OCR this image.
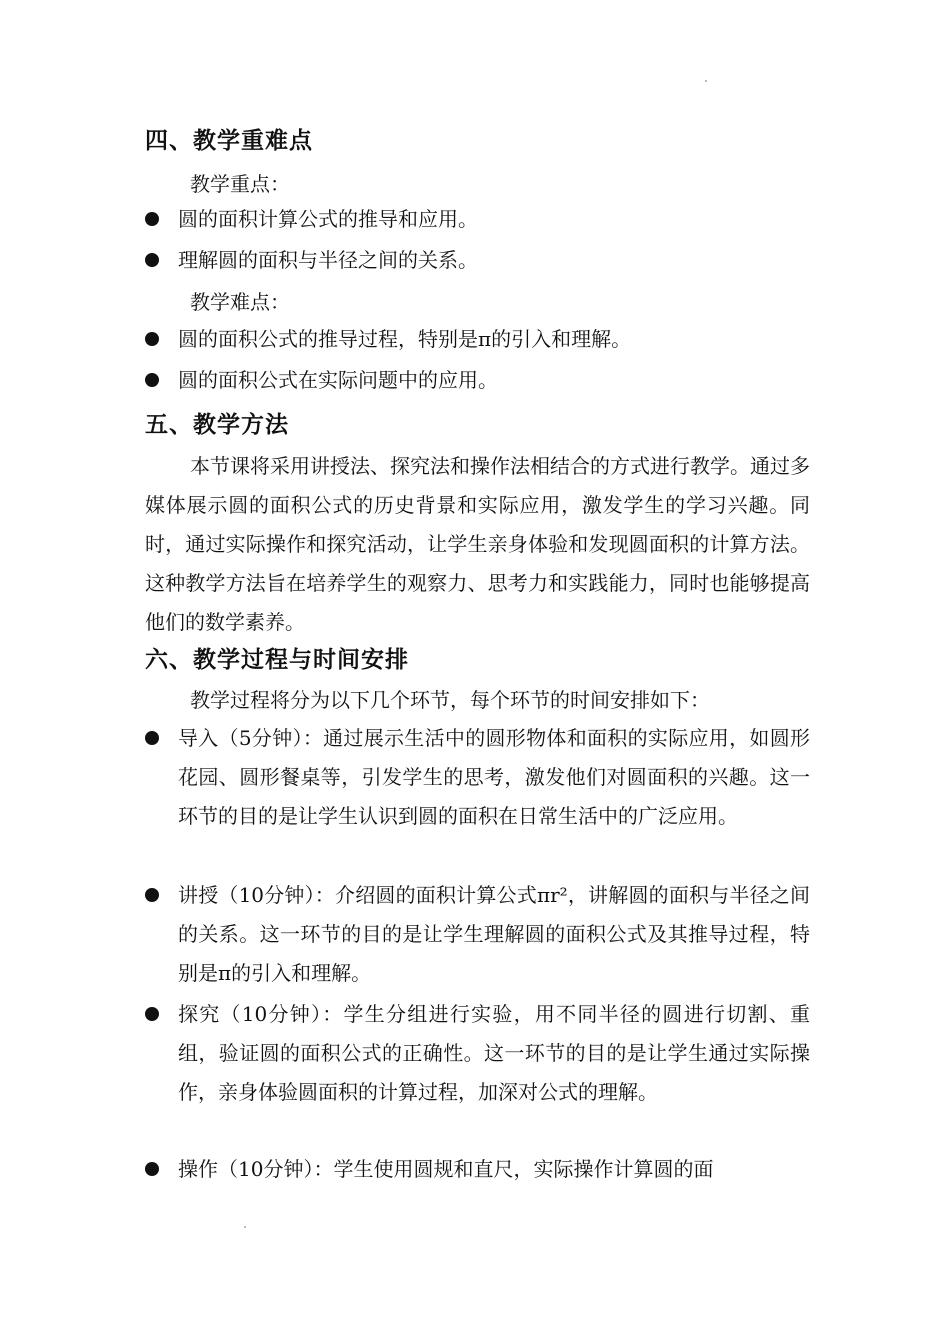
四、教学重难点
教学重点：
圆的面积计算公式的推导和应用。
理解圆的面积与半径之间的关系。
教学难点：
圆的面积公式的推导过程，特别是π的引入和理解。
圆的面积公式在实际问题中的应用。
五、教学方法
本节课将采用讲授法、探究法和操作法相结合的方式进行教学。通过多媒体展示圆的面积公式的历史背景和实际应用，激发学生的学习兴趣。同时，通过实际操作和探究活动，让学生亲身体验和发现圆面积的计算方法。这种教学方法旨在培养学生的观察力、思考力和实践能力，同时也能够提高他们的数学素养。
六、教学过程与时间安排
教学过程将分为以下几个环节，每个环节的时间安排如下：
导入（5分钟）：通过展示生活中的圆形物体和面积的实际应用，如圆形花园、圆形餐桌等，引发学生的思考，激发他们对圆面积的兴趣。这一环节的目的是让学生认识到圆的面积在日常生活中的广泛应用。
讲授（10分钟）：介绍圆的面积计算公式πr²，讲解圆的面积与半径之间的关系。这一环节的目的是让学生理解圆的面积公式及其推导过程，特别是π的引入和理解。
探究（10分钟）：学生分组进行实验，用不同半径的圆进行切割、重组，验证圆的面积公式的正确性。这一环节的目的是让学生通过实际操作，亲身体验圆面积的计算过程，加深对公式的理解。
操作（10分钟）：学生使用圆规和直尺，实际操作计算圆的面
